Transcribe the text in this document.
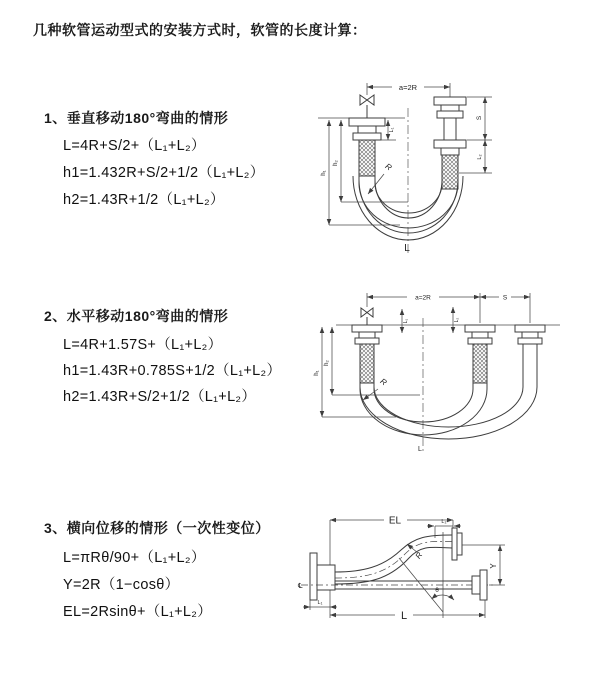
几种软管运动型式的安装方式时，软管的长度计算：
1、垂直移动180°弯曲的情形
L=4R+S/2+（L₁+L₂）
h1=1.432R+S/2+1/2（L₁+L₂）
h2=1.43R+1/2（L₁+L₂）
2、水平移动180°弯曲的情形
L=4R+1.57S+（L₁+L₂）
h1=1.43R+0.785S+1/2（L₁+L₂）
h2=1.43R+S/2+1/2（L₁+L₂）
3、横向位移的情形（一次性变位）
L=πRθ/90+（L₁+L₂）
Y=2R（1−cosθ）
EL=2Rsinθ+（L₁+L₂）
a=2R
h₁
h₂
L₁
S
L₂
R
L
a=2R	S
h₁
h₂
L₁	L₂
R
L
EL	L₂
℄
Y
θ
R
L₁
L
